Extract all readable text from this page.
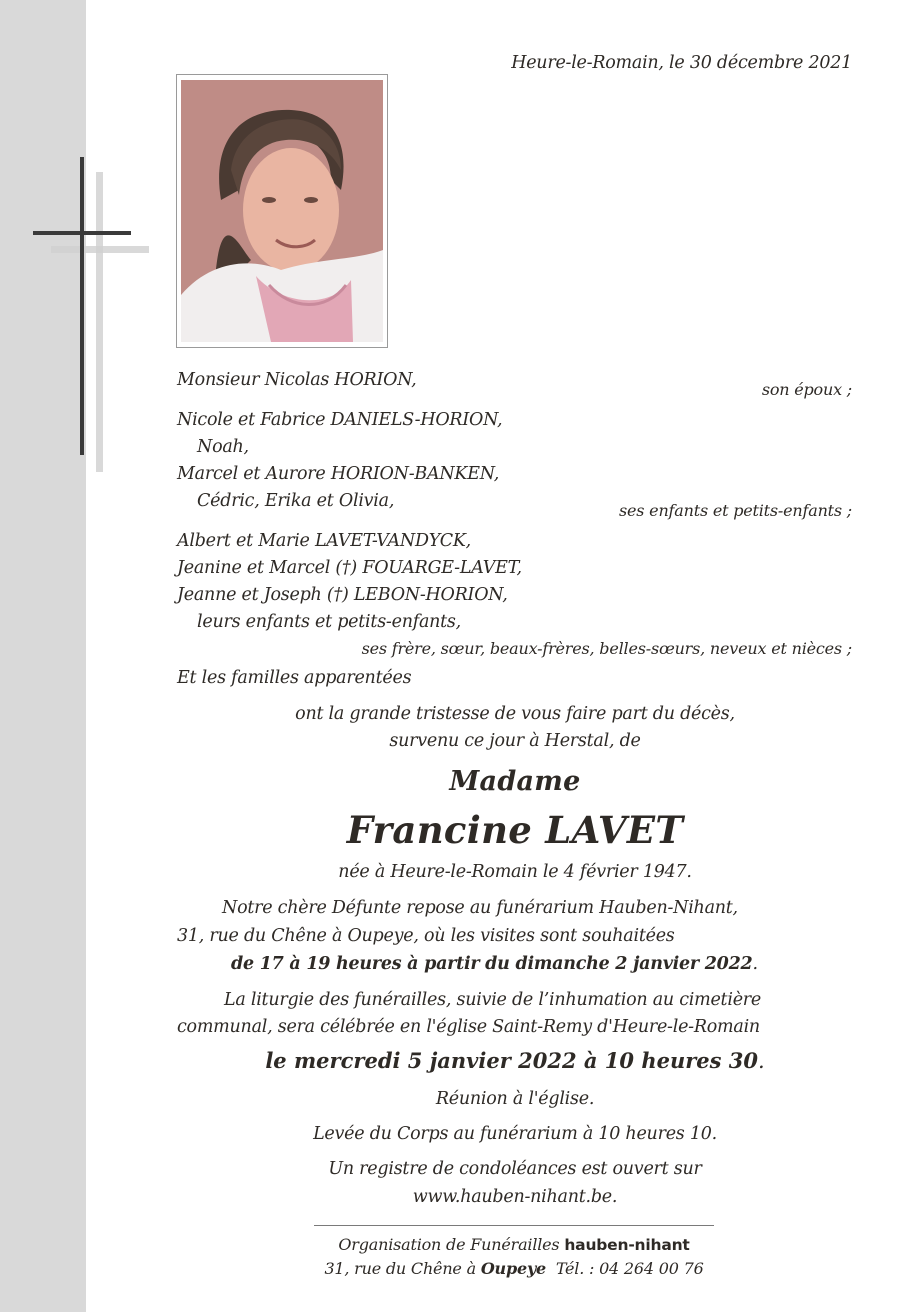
Heure-le-Romain, le 30 décembre 2021
Monsieur Nicolas HORION,	son époux ;
Nicole et Fabrice DANIELS-HORION,
Noah,
Marcel et Aurore HORION-BANKEN,
Cédric, Erika et Olivia,	ses enfants et petits-enfants ;
Albert et Marie LAVET-VANDYCK,
Jeanine et Marcel (†) FOUARGE-LAVET,
Jeanne et Joseph (†) LEBON-HORION,
leurs enfants et petits-enfants,
ses frère, sœur, beaux-frères, belles-sœurs, neveux et nièces ;
Et les familles apparentées
ont la grande tristesse de vous faire part du décès,
survenu ce jour à Herstal, de
Madame
Francine LAVET
née à Heure-le-Romain le 4 février 1947.
Notre chère Défunte repose au funérarium Hauben-Nihant,
31, rue du Chêne à Oupeye, où les visites sont souhaitées
de 17 à 19 heures à partir du dimanche 2 janvier 2022.
La liturgie des funérailles, suivie de l’inhumation au cimetière
communal, sera célébrée en l'église Saint-Remy d'Heure-le-Romain
le mercredi 5 janvier 2022 à 10 heures 30.
Réunion à l'église.
Levée du Corps au funérarium à 10 heures 10.
Un registre de condoléances est ouvert sur
www.hauben-nihant.be.
Organisation de Funérailles hauben-nihant
31, rue du Chêne à Oupeye Tél. : 04 264 00 76
